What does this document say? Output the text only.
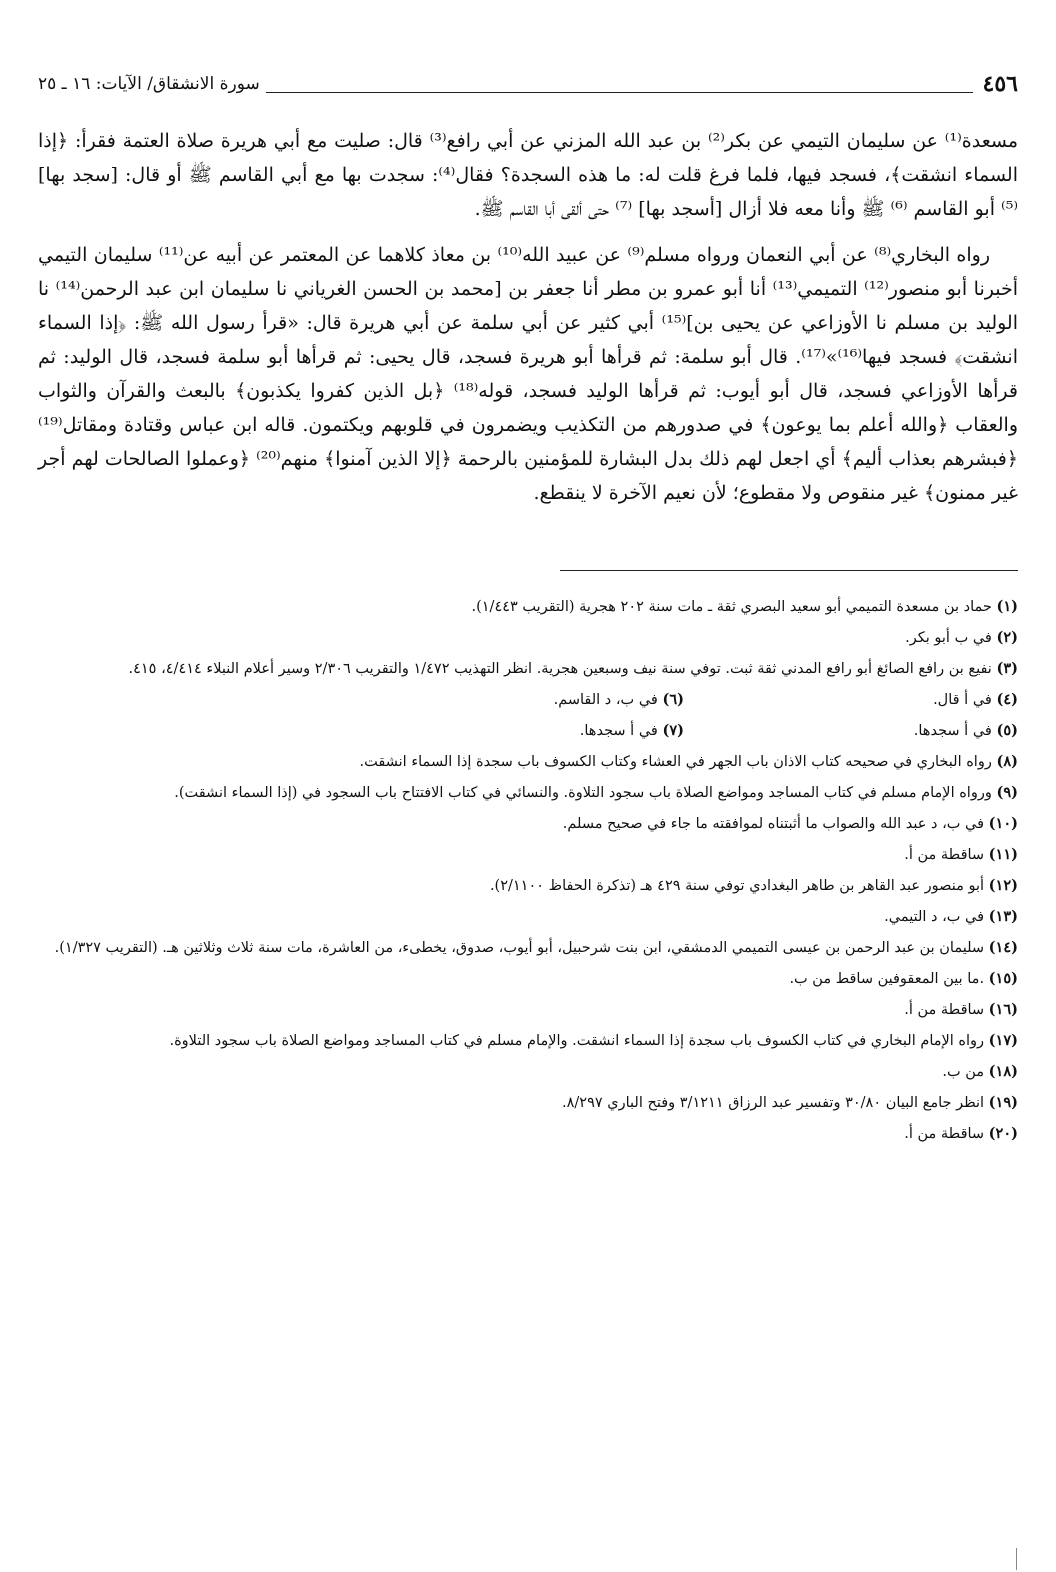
٤٥٦
سورة الانشقاق/ الآيات: ١٦ ـ ٢٥

مسعدة⁽¹⁾ عن سليمان التيمي عن بكر⁽²⁾ بن عبد الله المزني عن أبي رافع⁽³⁾ قال: صليت مع أبي هريرة صلاة العتمة فقرأ: ﴿إذا السماء انشقت﴾، فسجد فيها، فلما فرغ قلت له: ما هذه السجدة؟ فقال⁽⁴⁾: سجدت بها مع أبي القاسم ﷺ أو قال: [سجد بها] ⁽⁵⁾ أبو القاسم ⁽⁶⁾ ﷺ وأنا معه فلا أزال [أسجد بها] ⁽⁷⁾ حتى ألقى أبا القاسم ﷺ.

رواه البخاري⁽⁸⁾ عن أبي النعمان ورواه مسلم⁽⁹⁾ عن عبيد الله⁽¹⁰⁾ بن معاذ كلاهما عن المعتمر عن أبيه عن⁽¹¹⁾ سليمان التيمي أخبرنا أبو منصور⁽¹²⁾ التميمي⁽¹³⁾ أنا أبو عمرو بن مطر أنا جعفر بن [محمد بن الحسن الغرياني نا سليمان ابن عبد الرحمن⁽¹⁴⁾ نا الوليد بن مسلم نا الأوزاعي عن يحيى بن]⁽¹⁵⁾ أبي كثير عن أبي سلمة عن أبي هريرة قال: «قرأ رسول الله ﷺ: ﴿إذا السماء انشقت﴾ فسجد فيها⁽¹⁶⁾»⁽¹⁷⁾. قال أبو سلمة: ثم قرأها أبو هريرة فسجد، قال يحيى: ثم قرأها أبو سلمة فسجد، قال الوليد: ثم قرأها الأوزاعي فسجد، قال أبو أيوب: ثم قرأها الوليد فسجد، قوله⁽¹⁸⁾ ﴿بل الذين كفروا يكذبون﴾ بالبعث والقرآن والثواب والعقاب ﴿والله أعلم بما يوعون﴾ في صدورهم من التكذيب ويضمرون في قلوبهم ويكتمون. قاله ابن عباس وقتادة ومقاتل⁽¹⁹⁾ ﴿فبشرهم بعذاب أليم﴾ أي اجعل لهم ذلك بدل البشارة للمؤمنين بالرحمة ﴿إلا الذين آمنوا﴾ منهم⁽²⁰⁾ ﴿وعملوا الصالحات لهم أجر غير ممنون﴾ غير منقوص ولا مقطوع؛ لأن نعيم الآخرة لا ينقطع.

(١) حماد بن مسعدة التميمي أبو سعيد البصري ثقة ـ مات سنة ٢٠٢ هجرية (التقريب ١/٤٤٣).
(٢) في ب أبو بكر.
(٣) نفيع بن رافع الصائغ أبو رافع المدني ثقة ثبت. توفي سنة نيف وسبعين هجرية. انظر التهذيب ١/٤٧٢ والتقريب ٢/٣٠٦ وسير أعلام النبلاء ٤/٤١٤، ٤١٥.
(٤) في أ قال.
(٦) في ب، د القاسم.
(٥) في أ سجدها.
(٧) في أ سجدها.
(٨) رواه البخاري في صحيحه كتاب الاذان باب الجهر في العشاء وكتاب الكسوف باب سجدة إذا السماء انشقت.
(٩) ورواه الإمام مسلم في كتاب المساجد ومواضع الصلاة باب سجود التلاوة. والنسائي في كتاب الافتتاح باب السجود في (إذا السماء انشقت).
(١٠) في ب، د عبد الله والصواب ما أثبتناه لموافقته ما جاء في صحيح مسلم.
(١١) ساقطة من أ.
(١٢) أبو منصور عبد القاهر بن طاهر البغدادي توفي سنة ٤٢٩ هـ (تذكرة الحفاظ ٢/١١٠٠).
(١٣) في ب، د التيمي.
(١٤) سليمان بن عبد الرحمن بن عيسى التميمي الدمشقي، ابن بنت شرحبيل، أبو أيوب، صدوق، يخطىء، من العاشرة، مات سنة ثلاث وثلاثين هـ. (التقريب ١/٣٢٧).
(١٥) .ما بين المعقوفين ساقط من ب.
(١٦) ساقطة من أ.
(١٧) رواه الإمام البخاري في كتاب الكسوف باب سجدة إذا السماء انشقت. والإمام مسلم في كتاب المساجد ومواضع الصلاة باب سجود التلاوة.
(١٨) من ب.
(١٩) انظر جامع البيان ٣٠/٨٠ وتفسير عبد الرزاق ٣/١٢١١ وفتح الباري ٨/٢٩٧.
(٢٠) ساقطة من أ.
